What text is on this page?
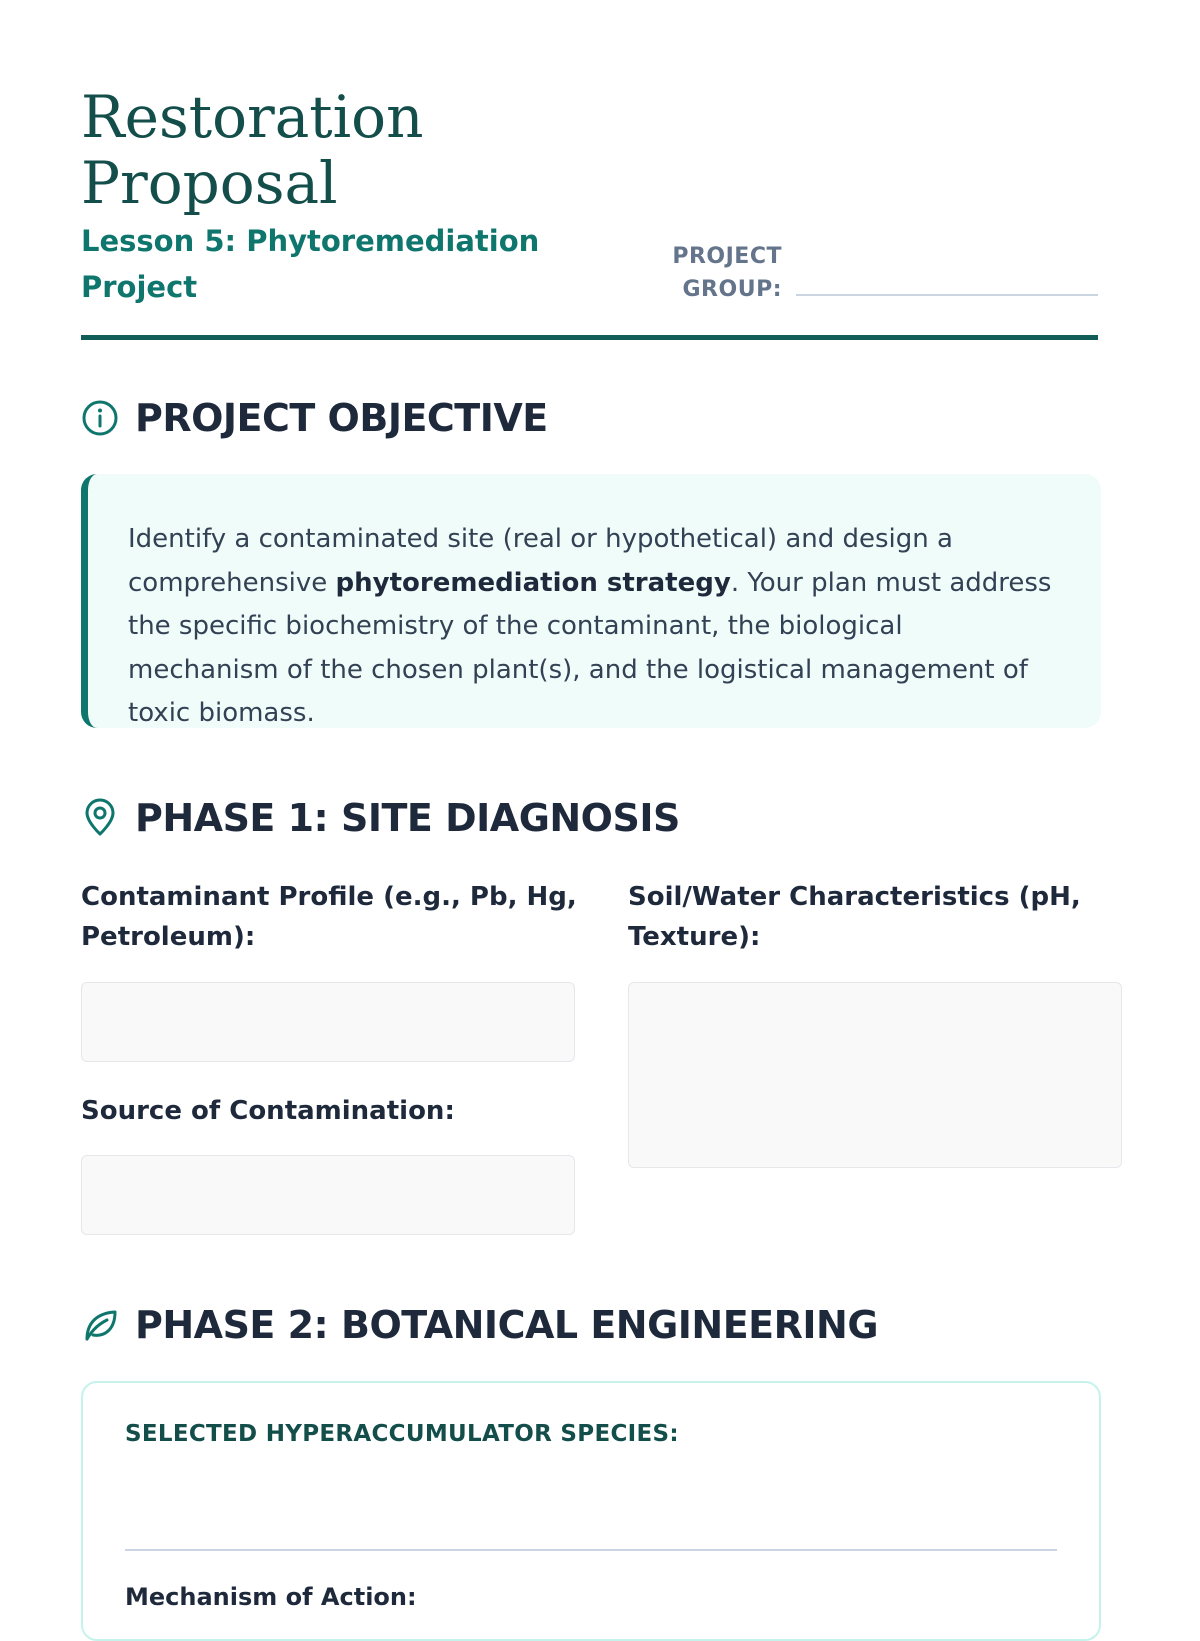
Restoration Proposal
Lesson 5: Phytoremediation Project
PROJECT
GROUP:
PROJECT OBJECTIVE
Identify a contaminated site (real or hypothetical) and design a comprehensive phytoremediation strategy. Your plan must address the specific biochemistry of the contaminant, the biological mechanism of the chosen plant(s), and the logistical management of toxic biomass.
PHASE 1: SITE DIAGNOSIS
Contaminant Profile (e.g., Pb, Hg, Petroleum):
Soil/Water Characteristics (pH, Texture):
Source of Contamination:
PHASE 2: BOTANICAL ENGINEERING
SELECTED HYPERACCUMULATOR SPECIES:
Mechanism of Action:
